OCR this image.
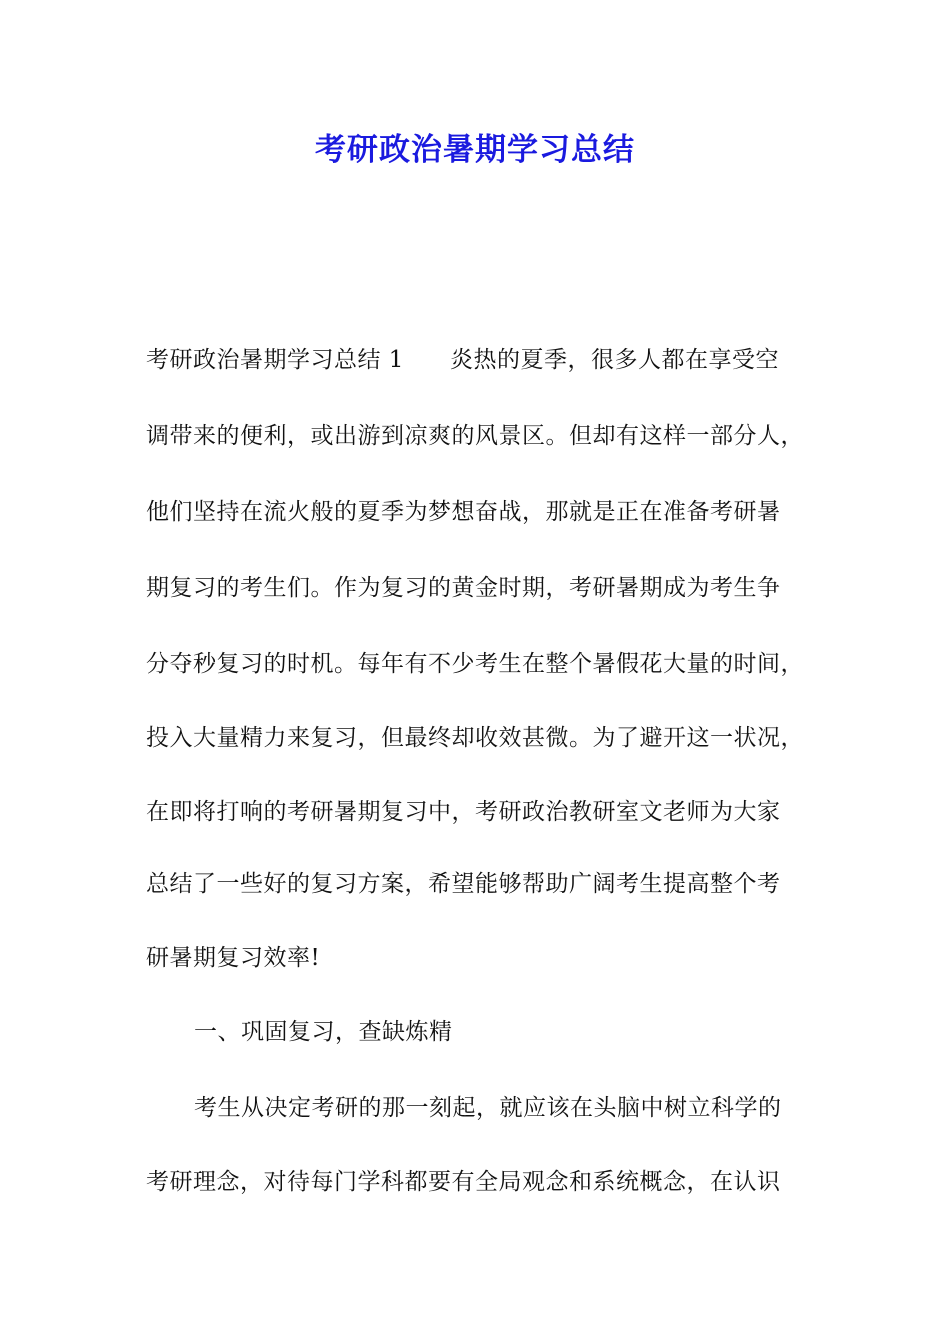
考研政治暑期学习总结
考研政治暑期学习总结 1 炎热的夏季，很多人都在享受空
调带来的便利，或出游到凉爽的风景区。但却有这样一部分人，
他们坚持在流火般的夏季为梦想奋战，那就是正在准备考研暑
期复习的考生们。作为复习的黄金时期，考研暑期成为考生争
分夺秒复习的时机。每年有不少考生在整个暑假花大量的时间，
投入大量精力来复习，但最终却收效甚微。为了避开这一状况，
在即将打响的考研暑期复习中，考研政治教研室文老师为大家
总结了一些好的复习方案，希望能够帮助广阔考生提高整个考
研暑期复习效率!
一、巩固复习，查缺炼精
考生从决定考研的那一刻起，就应该在头脑中树立科学的
考研理念，对待每门学科都要有全局观念和系统概念，在认识
